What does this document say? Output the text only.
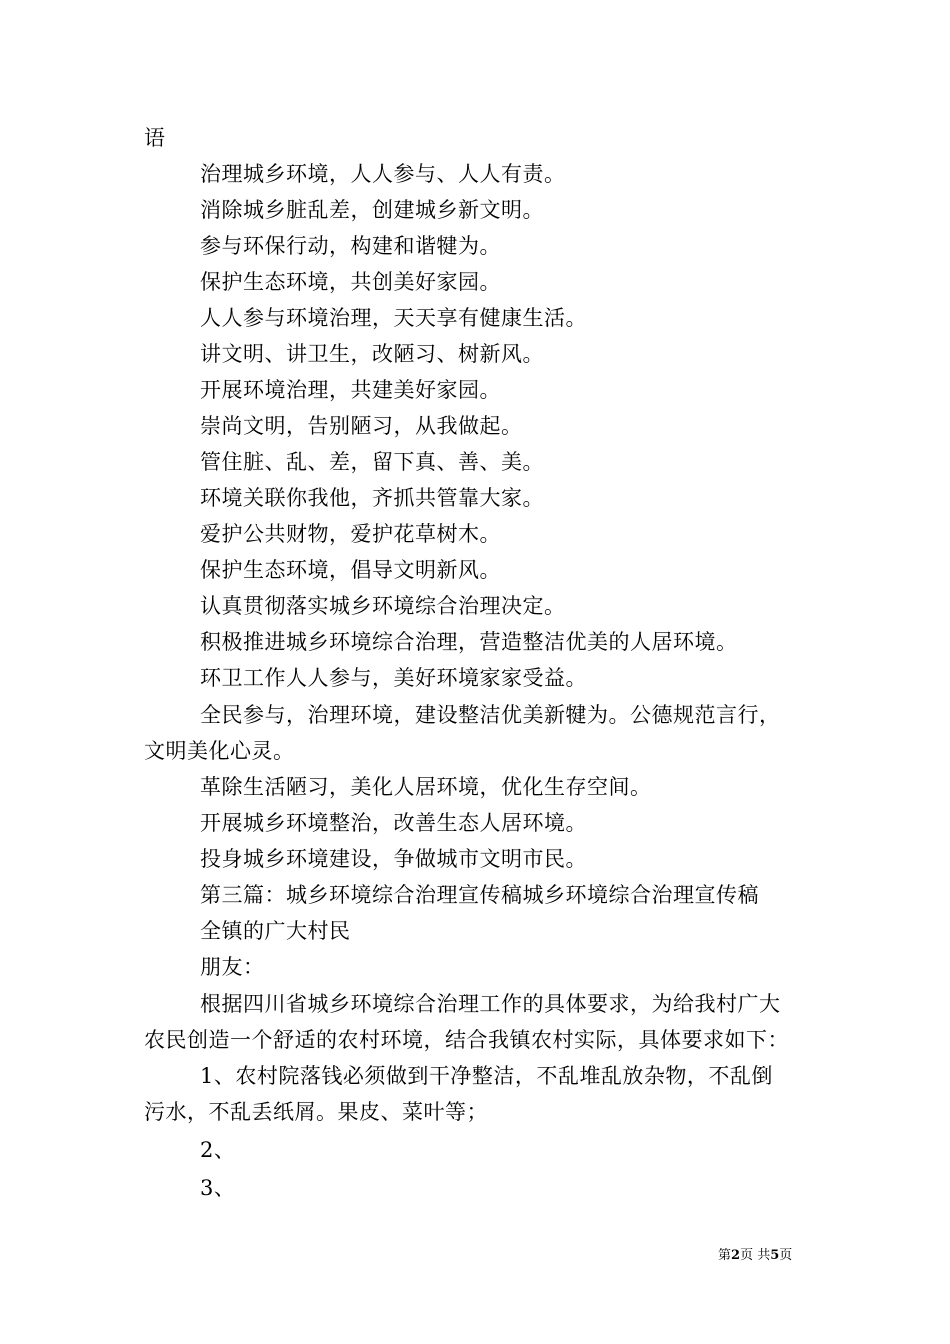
语
治理城乡环境，人人参与、人人有责。
消除城乡脏乱差，创建城乡新文明。
参与环保行动，构建和谐犍为。
保护生态环境，共创美好家园。
人人参与环境治理，天天享有健康生活。
讲文明、讲卫生，改陋习、树新风。
开展环境治理，共建美好家园。
崇尚文明，告别陋习，从我做起。
管住脏、乱、差，留下真、善、美。
环境关联你我他，齐抓共管靠大家。
爱护公共财物，爱护花草树木。
保护生态环境，倡导文明新风。
认真贯彻落实城乡环境综合治理决定。
积极推进城乡环境综合治理，营造整洁优美的人居环境。
环卫工作人人参与，美好环境家家受益。
全民参与，治理环境，建设整洁优美新犍为。公德规范言行，
文明美化心灵。
革除生活陋习，美化人居环境，优化生存空间。
开展城乡环境整治，改善生态人居环境。
投身城乡环境建设，争做城市文明市民。
第三篇：城乡环境综合治理宣传稿城乡环境综合治理宣传稿
全镇的广大村民
朋友：
根据四川省城乡环境综合治理工作的具体要求，为给我村广大
农民创造一个舒适的农村环境，结合我镇农村实际，具体要求如下：
1、农村院落钱必须做到干净整洁，不乱堆乱放杂物，不乱倒
污水，不乱丢纸屑。果皮、菜叶等；
2、
3、
第2页 共5页
